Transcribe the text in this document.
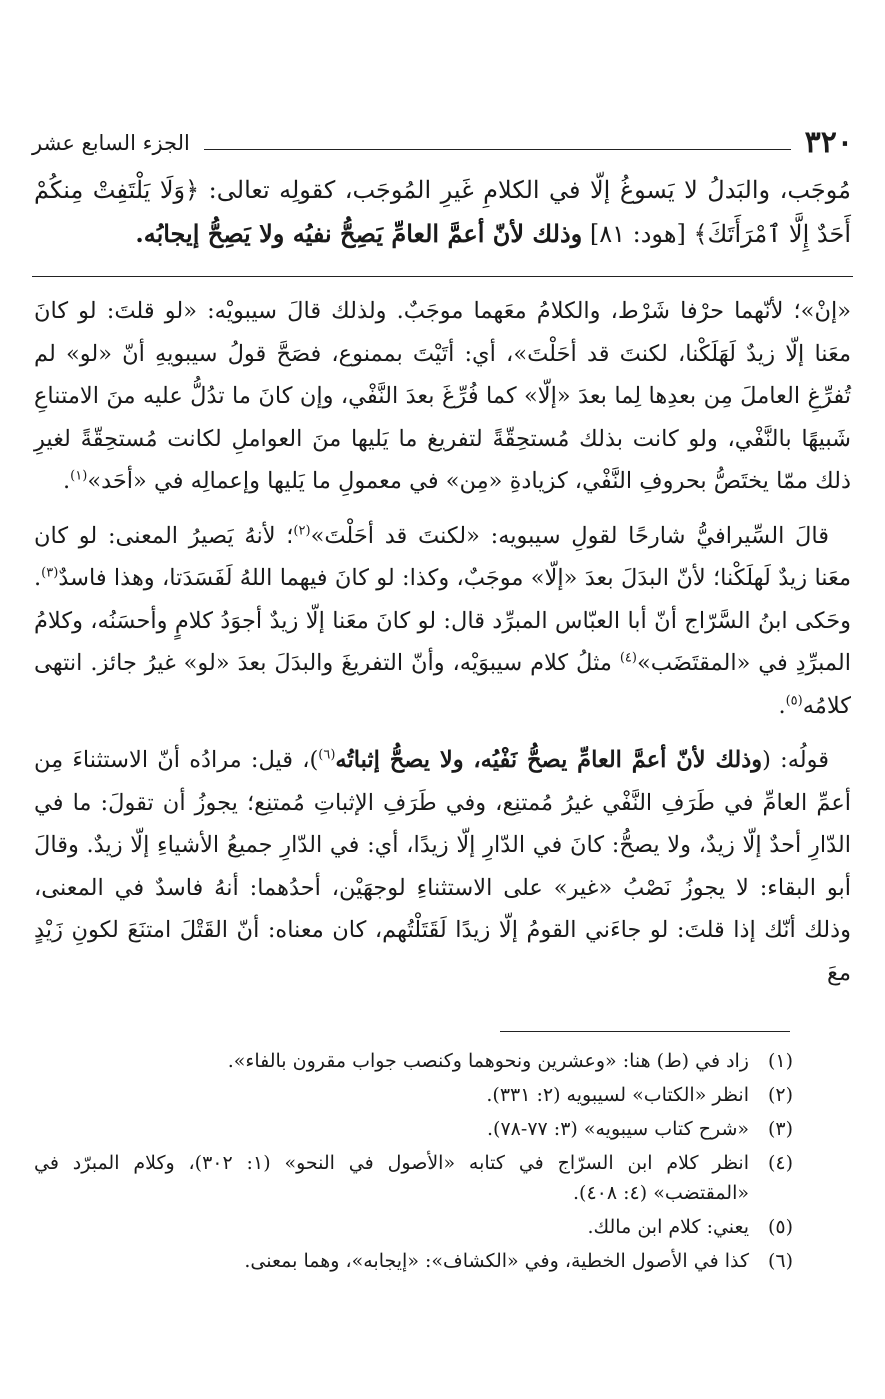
٣٢٠
الجزء السابع عشر
مُوجَب، والبَدلُ لا يَسوغُ إلّا في الكلامِ غَيرِ المُوجَب، كقولِه تعالى: ﴿وَلَا يَلْتَفِتْ مِنكُمْ أَحَدٌ إِلَّا ٱمْرَأَتَكَ﴾ [هود: ٨١] وذلك لأنّ أعمَّ العامِّ يَصِحُّ نفيُه ولا يَصِحُّ إيجابُه.

«إنْ»؛ لأنّهما حرْفا شَرْط، والكلامُ معَهما موجَبٌ. ولذلك قالَ سيبويْه: «لو قلتَ: لو كانَ معَنا إلّا زيدٌ لَهَلَكْنا، لكنتَ قد أحَلْتَ»، أي: أتَيْتَ بممنوع، فصَحَّ قولُ سيبويهِ أنّ «لو» لم تُفرِّغِ العاملَ مِن بعدِها لِما بعدَ «إلّا» كما فُرِّغَ بعدَ النَّفْي، وإن كانَ ما تدُلُّ عليه منَ الامتناعِ شَبيهًا بالنَّفْي، ولو كانت بذلك مُستحِقّةً لتفريغ ما يَليها منَ العواملِ لكانت مُستحِقّةً لغيرِ ذلك ممّا يختَصُّ بحروفِ النَّفْي، كزيادةِ «مِن» في معمولِ ما يَليها وإعمالِه في «أحَد»$^{(١)}$.

قالَ السِّيرافيُّ شارحًا لقولِ سيبويه: «لكنتَ قد أحَلْتَ»$^{(٢)}$؛ لأنهُ يَصيرُ المعنى: لو كان معَنا زيدٌ لَهلَكْنا؛ لأنّ البدَلَ بعدَ «إلّا» موجَبٌ، وكذا: لو كانَ فيهما اللهُ لَفَسَدَتا، وهذا فاسدٌ$^{(٣)}$. وحَكى ابنُ السَّرّاج أنّ أبا العبّاس المبرِّد قال: لو كانَ معَنا إلّا زيدٌ أجوَدُ كلامٍ وأحسَنُه، وكلامُ المبرِّدِ في «المقتَضَب»$^{(٤)}$ مثلُ كلام سيبوَيْه، وأنّ التفريغَ والبدَلَ بعدَ «لو» غيرُ جائز. انتهى كلامُه$^{(٥)}$.

قولُه: (وذلك لأنّ أعمَّ العامِّ يصحُّ نَفْيُه، ولا يصحُّ إثباتُه$^{(٦)}$)، قيل: مرادُه أنّ الاستثناءَ مِن أعمِّ العامِّ في طَرَفِ النَّفْي غيرُ مُمتنِع، وفي طَرَفِ الإثباتِ مُمتنِع؛ يجوزُ أن تقولَ: ما في الدّارِ أحدٌ إلّا زيدٌ، ولا يصحُّ: كانَ في الدّارِ إلّا زيدًا، أي: في الدّارِ جميعُ الأشياءِ إلّا زيدٌ. وقالَ أبو البقاء: لا يجوزُ نَصْبُ «غير» على الاستثناءِ لوجهَيْن، أحدُهما: أنهُ فاسدٌ في المعنى، وذلك أنّك إذا قلتَ: لو جاءَني القومُ إلّا زيدًا لَقَتَلْتُهم، كان معناه: أنّ القَتْلَ امتنَعَ لكونِ زَيْدٍ معَ

(١)
زاد في (ط) هنا: «وعشرين ونحوهما وكنصب جواب مقرون بالفاء».
(٢)
انظر «الكتاب» لسيبويه (٢: ٣٣١).
(٣)
«شرح كتاب سيبويه» (٣: ٧٧-٧٨).
(٤)
انظر كلام ابن السرّاج في كتابه «الأصول في النحو» (١: ٣٠٢)، وكلام المبرّد في «المقتضب» (٤: ٤٠٨).
(٥)
يعني: كلام ابن مالك.
(٦)
كذا في الأصول الخطية، وفي «الكشاف»: «إيجابه»، وهما بمعنى.
